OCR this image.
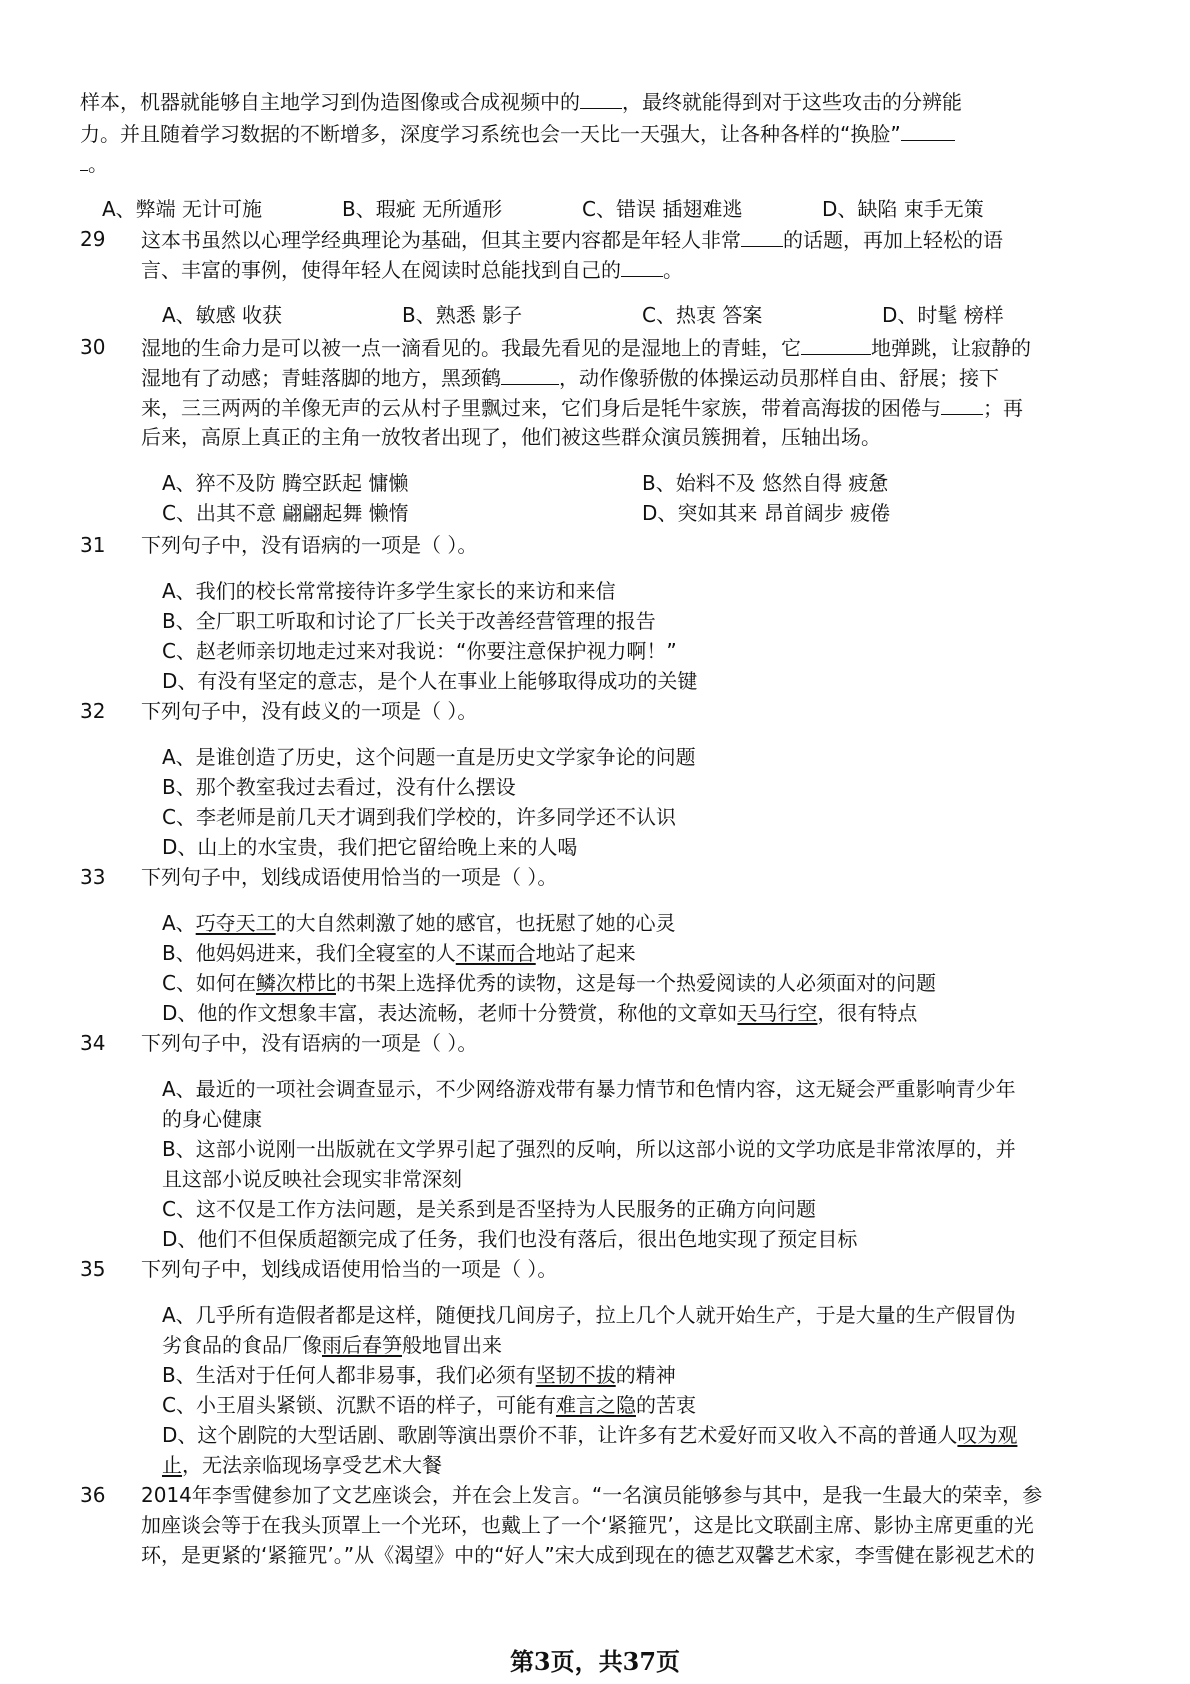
样本，机器就能够自主地学习到伪造图像或合成视频中的 ，最终就能得到对于这些攻击的分辨能
力。并且随着学习数据的不断增多，深度学习系统也会一天比一天强大，让各种各样的“换脸”
。
A、弊端 无计可施	B、瑕疵 无所遁形	C、错误 插翅难逃	D、缺陷 束手无策
29	这本书虽然以心理学经典理论为基础，但其主要内容都是年轻人非常 的话题，再加上轻松的语
言、丰富的事例，使得年轻人在阅读时总能找到自己的 。
A、敏感 收获	B、熟悉 影子	C、热衷 答案	D、时髦 榜样
30	湿地的生命力是可以被一点一滴看见的。我最先看见的是湿地上的青蛙，它	地弹跳，让寂静的
湿地有了动感；青蛙落脚的地方，黑颈鹤	，动作像骄傲的体操运动员那样自由、舒展；接下
来，三三两两的羊像无声的云从村子里飘过来，它们身后是牦牛家族，带着高海拔的困倦与 ；再
后来，高原上真正的主角一放牧者出现了，他们被这些群众演员簇拥着，压轴出场。
A、猝不及防 腾空跃起 慵懒	B、始料不及 悠然自得 疲惫
C、出其不意 翩翩起舞 懒惰	D、突如其来 昂首阔步 疲倦
31	下列句子中，没有语病的一项是（ ）。
A、我们的校长常常接待许多学生家长的来访和来信
B、全厂职工听取和讨论了厂长关于改善经营管理的报告
C、赵老师亲切地走过来对我说：“你要注意保护视力啊！”
D、有没有坚定的意志，是个人在事业上能够取得成功的关键
32	下列句子中，没有歧义的一项是（ ）。
A、是谁创造了历史，这个问题一直是历史文学家争论的问题
B、那个教室我过去看过，没有什么摆设
C、李老师是前几天才调到我们学校的，许多同学还不认识
D、山上的水宝贵，我们把它留给晚上来的人喝
33	下列句子中，划线成语使用恰当的一项是（ ）。
A、巧夺天工的大自然刺激了她的感官，也抚慰了她的心灵
B、他妈妈进来，我们全寝室的人不谋而合地站了起来
C、如何在鳞次栉比的书架上选择优秀的读物，这是每一个热爱阅读的人必须面对的问题
D、他的作文想象丰富，表达流畅，老师十分赞赏，称他的文章如天马行空，很有特点
34	下列句子中，没有语病的一项是（ ）。
A、最近的一项社会调查显示，不少网络游戏带有暴力情节和色情内容，这无疑会严重影响青少年
的身心健康
B、这部小说刚一出版就在文学界引起了强烈的反响，所以这部小说的文学功底是非常浓厚的，并
且这部小说反映社会现实非常深刻
C、这不仅是工作方法问题，是关系到是否坚持为人民服务的正确方向问题
D、他们不但保质超额完成了任务，我们也没有落后，很出色地实现了预定目标
35	下列句子中，划线成语使用恰当的一项是（ ）。
A、几乎所有造假者都是这样，随便找几间房子，拉上几个人就开始生产，于是大量的生产假冒伪
劣食品的食品厂像雨后春笋般地冒出来
B、生活对于任何人都非易事，我们必须有坚韧不拔的精神
C、小王眉头紧锁、沉默不语的样子，可能有难言之隐的苦衷
D、这个剧院的大型话剧、歌剧等演出票价不菲，让许多有艺术爱好而又收入不高的普通人叹为观
止，无法亲临现场享受艺术大餐
36	2014年李雪健参加了文艺座谈会，并在会上发言。“一名演员能够参与其中，是我一生最大的荣幸，参
加座谈会等于在我头顶罩上一个光环，也戴上了一个‘紧箍咒’，这是比文联副主席、影协主席更重的光
环，是更紧的‘紧箍咒’。”从《渴望》中的“好人”宋大成到现在的德艺双馨艺术家，李雪健在影视艺术的
第3页，共37页
